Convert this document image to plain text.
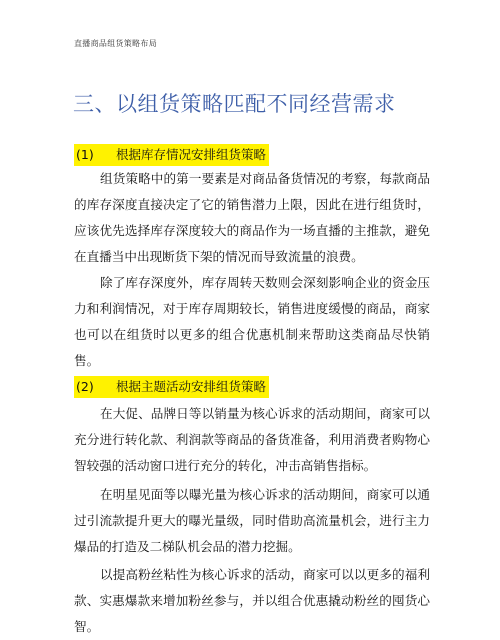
直播商品组货策略布局
三、以组货策略匹配不同经营需求
(1) 根据库存情况安排组货策略

组货策略中的第一要素是对商品备货情况的考察，每款商品的库存深度直接决定了它的销售潜力上限，因此在进行组货时，应该优先选择库存深度较大的商品作为一场直播的主推款，避免在直播当中出现断货下架的情况而导致流量的浪费。

除了库存深度外，库存周转天数则会深刻影响企业的资金压力和利润情况，对于库存周期较长，销售进度缓慢的商品，商家也可以在组货时以更多的组合优惠机制来帮助这类商品尽快销售。

(2) 根据主题活动安排组货策略

在大促、品牌日等以销量为核心诉求的活动期间，商家可以充分进行转化款、利润款等商品的备货准备，利用消费者购物心智较强的活动窗口进行充分的转化，冲击高销售指标。

在明星见面等以曝光量为核心诉求的活动期间，商家可以通过引流款提升更大的曝光量级，同时借助高流量机会，进行主力爆品的打造及二梯队机会品的潜力挖掘。

以提高粉丝粘性为核心诉求的活动，商家可以以更多的福利款、实惠爆款来增加粉丝参与，并以组合优惠撬动粉丝的囤货心智。
